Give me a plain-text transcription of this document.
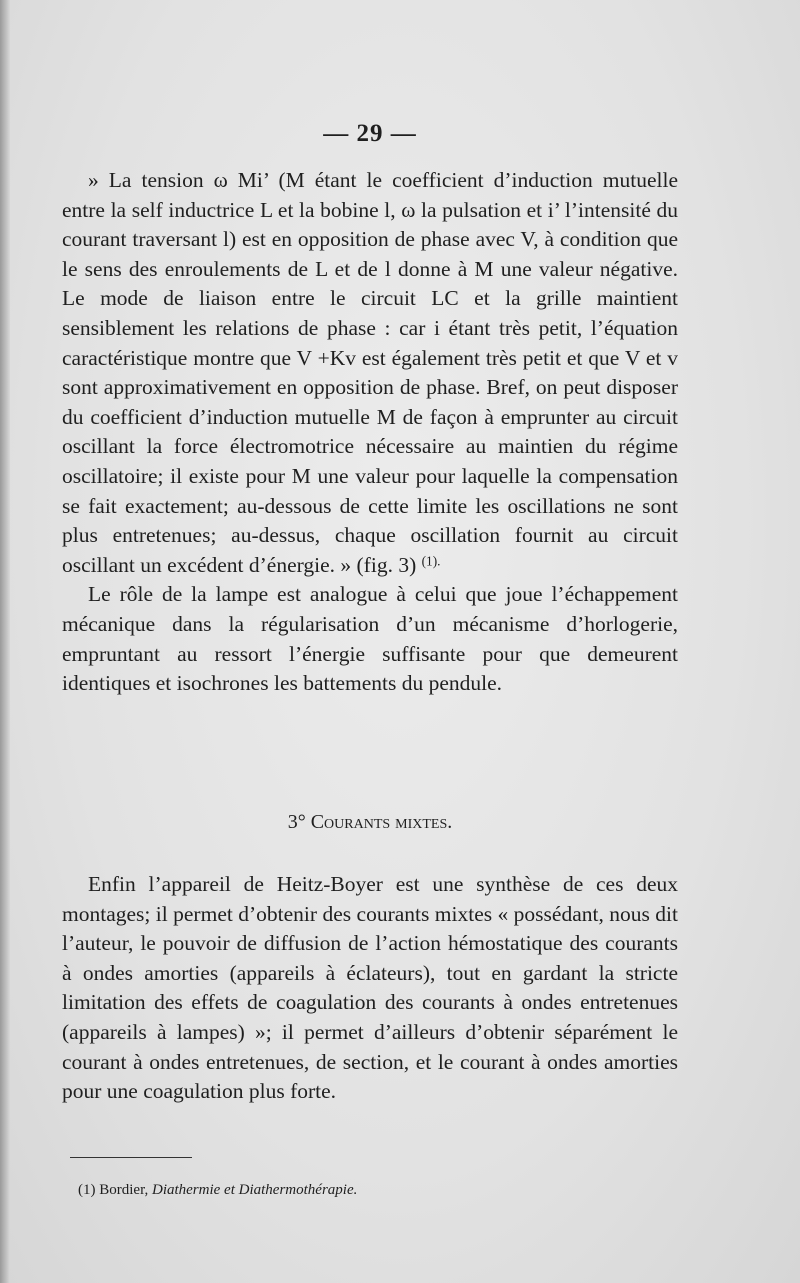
— 29 —

» La tension ω Mi’ (M étant le coefficient d’induction mutuelle entre la self inductrice L et la bobine l, ω la pulsation et i’ l’intensité du courant traversant l) est en opposition de phase avec V, à condition que le sens des enroulements de L et de l donne à M une valeur négative. Le mode de liaison entre le circuit LC et la grille maintient sensiblement les relations de phase : car i étant très petit, l’équation caractéristique montre que V +Kv est également très petit et que V et v sont approximativement en opposition de phase. Bref, on peut disposer du coefficient d’induction mutuelle M de façon à emprunter au circuit oscillant la force électromotrice nécessaire au maintien du régime oscillatoire; il existe pour M une valeur pour laquelle la compensation se fait exactement; au-dessous de cette limite les oscillations ne sont plus entretenues; au-dessus, chaque oscillation fournit au circuit oscillant un excédent d’énergie. » (fig. 3) $^{(1).}$

Le rôle de la lampe est analogue à celui que joue l’échappement mécanique dans la régularisation d’un mécanisme d’horlogerie, empruntant au ressort l’énergie suffisante pour que demeurent identiques et isochrones les battements du pendule.

3° Courants mixtes.

Enfin l’appareil de Heitz-Boyer est une synthèse de ces deux montages; il permet d’obtenir des courants mixtes « possédant, nous dit l’auteur, le pouvoir de diffusion de l’action hémostatique des courants à ondes amorties (appareils à éclateurs), tout en gardant la stricte limitation des effets de coagulation des courants à ondes entretenues (appareils à lampes) »; il permet d’ailleurs d’obtenir séparément le courant à ondes entretenues, de section, et le courant à ondes amorties pour une coagulation plus forte.

(1) Bordier, Diathermie et Diathermothérapie.
